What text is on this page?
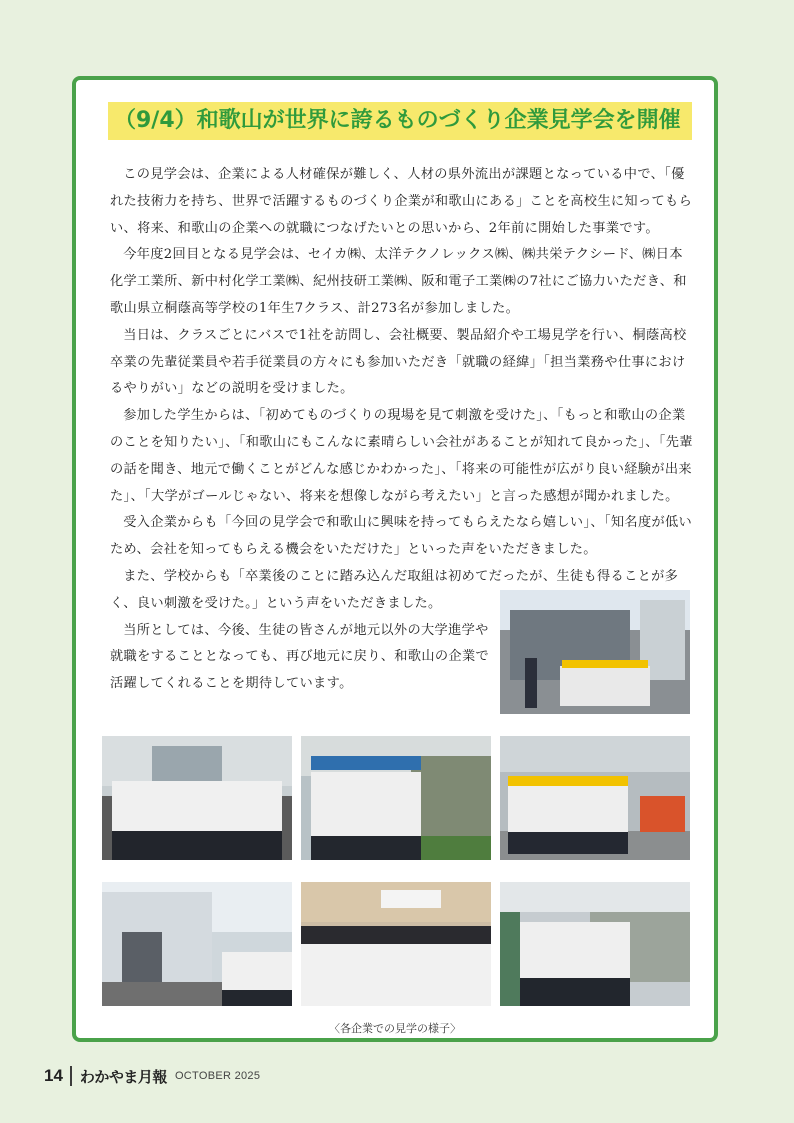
（9/4）和歌山が世界に誇るものづくり企業見学会を開催

この見学会は、企業による人材確保が難しく、人材の県外流出が課題となっている中で、「優れた技術力を持ち、世界で活躍するものづくり企業が和歌山にある」ことを高校生に知ってもらい、将来、和歌山の企業への就職につなげたいとの思いから、2年前に開始した事業です。

今年度2回目となる見学会は、セイカ㈱、太洋テクノレックス㈱、㈱共栄テクシード、㈱日本化学工業所、新中村化学工業㈱、紀州技研工業㈱、阪和電子工業㈱の7社にご協力いただき、和歌山県立桐蔭高等学校の1年生7クラス、計273名が参加しました。

当日は、クラスごとにバスで1社を訪問し、会社概要、製品紹介や工場見学を行い、桐蔭高校卒業の先輩従業員や若手従業員の方々にも参加いただき「就職の経緯」「担当業務や仕事におけるやりがい」などの説明を受けました。

参加した学生からは、「初めてものづくりの現場を見て刺激を受けた」、「もっと和歌山の企業のことを知りたい」、「和歌山にもこんなに素晴らしい会社があることが知れて良かった」、「先輩の話を聞き、地元で働くことがどんな感じかわかった」、「将来の可能性が広がり良い経験が出来た」、「大学がゴールじゃない、将来を想像しながら考えたい」と言った感想が聞かれました。

受入企業からも「今回の見学会で和歌山に興味を持ってもらえたなら嬉しい」、「知名度が低いため、会社を知ってもらえる機会をいただけた」といった声をいただきました。

また、学校からも「卒業後のことに踏み込んだ取組は初めてだったが、生徒も得ることが多く、良い刺激を受けた。」という声をいただきました。

当所としては、今後、生徒の皆さんが地元以外の大学進学や就職をすることとなっても、再び地元に戻り、和歌山の企業で活躍してくれることを期待しています。

〈各企業での見学の様子〉
14 わかやま月報 OCTOBER 2025
